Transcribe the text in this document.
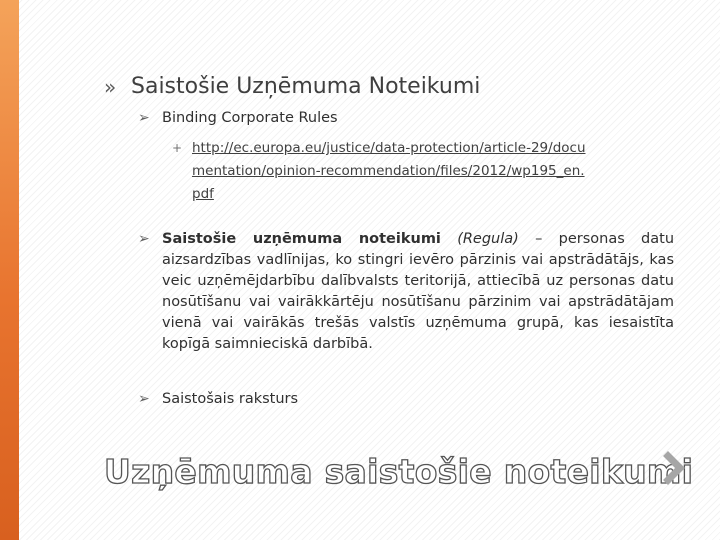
» Saistošie Uzņēmuma Noteikumi
➢ Binding Corporate Rules
+ http://ec.europa.eu/justice/data-protection/article-29/documentation/opinion-recommendation/files/2012/wp195_en.pdf
➢ Saistošie uzņēmuma noteikumi (Regula) – personas datu aizsardzības vadlīnijas, ko stingri ievēro pārzinis vai apstrādātājs, kas veic uzņēmējdarbību dalībvalsts teritorijā, attiecībā uz personas datu nosūtīšanu vai vairākkārtēju nosūtīšanu pārzinim vai apstrādātājam vienā vai vairākās trešās valstīs uzņēmuma grupā, kas iesaistīta kopīgā saimnieciskā darbībā.
➢ Saistošais raksturs
Uzņēmuma saistošie noteikumi
